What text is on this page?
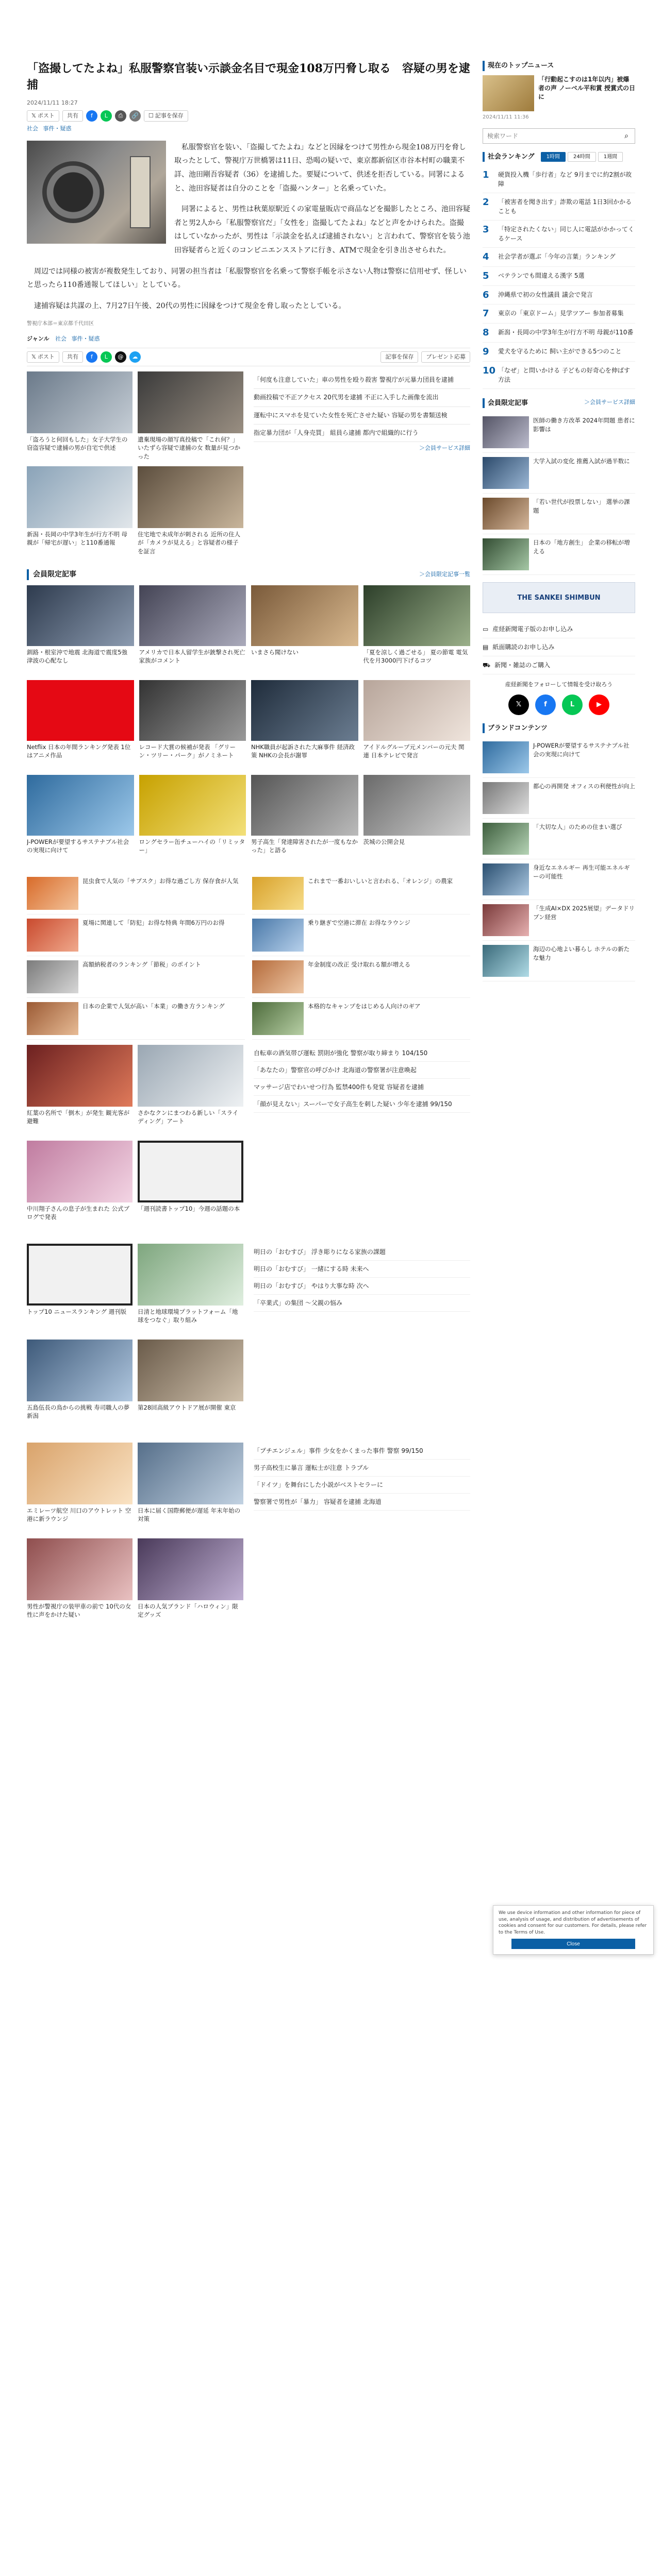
「盗撮してたよね」私服警察官装い示談金名目で現金108万円脅し取る　容疑の男を逮捕
2024/11/11 18:27
𝕏 ポスト 共有	f	L	⎙	🔗	☐ 記事を保存
社会 事件・疑惑

私服警察官を装い、「盗撮してたよね」などと因縁をつけて男性から現金108万円を脅し取ったとして、警視庁万世橋署は11日、恐喝の疑いで、東京都新宿区市谷本村町の職業不詳、池田剛吾容疑者（36）を逮捕した。要疑について、供述を拒否している。同署によると、池田容疑者は自分のことを「盗撮ハンター」と名乗っていた。

同署によると、男性は秋葉原駅近くの家電量販店で商品などを撮影したところ、池田容疑者と男2人から「私服警察官だ」「女性を」盗撮してたよね」などと声をかけられた。盗撮はしていなかったが、男性は「示談金を払えば逮捕されない」と言われて、警察官を装う池田容疑者らと近くのコンビニエンスストアに行き、ATMで現金を引き出させられた。

周辺では同様の被害が複数発生しており、同署の担当者は「私服警察官を名乗って警察手帳を示さない人物は警察に信用せず、怪しいと思ったら110番通報してほしい」としている。

逮捕容疑は共謀の上、7月27日午後、20代の男性に因縁をつけて現金を脅し取ったとしている。

警視庁本部＝東京都千代田区
ジャンル 社会 事件・疑惑
𝕏 ポスト 共有	f	L	@	☁	記事を保存 プレゼント応募
「盗ろうと何回もした」女子大学生の窃盗容疑で逮捕の男が自宅で供述
遺棄現場の顔写真投稿で「これ何？」いたずら容疑で逮捕の女 数量が見つかった
新潟・長岡の中学3年生が行方不明 母親が「帰宅が遅い」と110番通報
住宅地で未成年が刺される 近所の住人が「カメラが見える」と容疑者の様子を証言
「何度も注意していた」車の男性を殴り殺害 警視庁が元暴力団員を逮捕
動画投稿で不正アクセス 20代男を逮捕 不正に入手した画像を流出
運転中にスマホを見ていた女性を死亡させた疑い 容疑の男を書類送検
指定暴力団が「人身売買」 組員ら逮捕 都内で組織的に行う
＞会員サービス詳細
会員限定記事	＞会員限定記事一覧
釧路・根室沖で地震 北海道で震度5強 津波の心配なし
アメリカで日本人留学生が銃撃され死亡 家族がコメント
いまさら聞けない	「夏を涼しく過ごせる」 夏の節電 電気代を月3000円下げるコツ
Netflix 日本の年間ランキング発表 1位はアニメ作品
レコード大賞の候補が発表 「グリーン・ツリー・パーク」がノミネート
NHK職員が起訴された大麻事件 経済政策 NHKの会長が謝罪
アイドルグループ元メンバーの元夫 関連 日本テレビで発言
J-POWERが要望するサステナブル社会の実現に向けて
ロングセラー缶チューハイの「リミッター」
男子高生「発達障害されたが一度もなかった」と語る
茨城の公開会見
昆虫食で人気の「サブスク」お得な過ごし方 保存食が人気
夏場に関連して「防犯」お得な特典 年間6万円のお得
高額納税者のランキング「節税」のポイント
日本の企業で人気が高い「本業」の働き方ランキング
これまで一番おいしいと言われる、「オレンジ」の農家
乗り継ぎで空港に滞在 お得なラウンジ
年金制度の改正 受け取れる額が増える
本格的なキャンプをはじめる人向けのギア
紅葉の名所で「倒木」が発生 観光客が避難
さかなクンにまつわる新しい「スライディング」アート
中川翔子さんの息子が生まれた 公式ブログで発表
「週刊読書トップ10」今週の話題の本
自転車の酒気帯び運転 罰則が強化 警察が取り締まり 104/150
「あなたの」警察官の呼びかけ 北海道の警察署が注意喚起
マッサージ店でわいせつ行為 監禁400件も発覚 容疑者を逮捕
「顔が見えない」スーパーで女子高生を刺した疑い 少年を逮捕 99/150
トップ10 ニュースランキング 週刊版	日清と地球環境プラットフォーム「地球をつなぐ」取り組み
五島伍長の鳥からの挑戦 寿司職人の夢 新潟
第28回高級アウトドア展が開催 東京
明日の「おむすび」 浮き彫りになる家族の課題
明日の「おむすび」 一緒にする時 未来へ
明日の「おむすび」 やはり大事な時 次へ
「卒業式」の集団 ～父親の悩み
エミレーツ航空 川口のアウトレット 空港に新ラウンジ
日本に届く国際郵便が遅延 年末年始の対策
男性が警視庁の装甲車の前で 10代の女性に声をかけた疑い
日本の人気ブランド「ハロウィン」限定グッズ
「プチエンジェル」事件 少女をかくまった事件 警察 99/150
男子高校生に暴言 運転士が注意 トラブル
「ドイツ」を舞台にした小説がベストセラーに
警察署で男性が「暴力」 容疑者を逮捕 北海道
現在のトップニュース
「行動起こすのは1年以内」被爆者の声 ノーベル平和賞 授賞式の日に
2024/11/11 11:36
検索ワード
⌕
社会ランキング	1時間	24時間	1週間
1	硬貨投入機「歩行者」など 9月までに約2割が故障
2	「被害者を聞き出す」詐欺の電話 1日3回かかることも
3	「特定されたくない」同じ人に電話がかかってくるケース
4	社会学者が選ぶ「今年の言葉」ランキング
5	ベテランでも間違える漢字 5選
6	沖縄県で初の女性議員 議会で発言
7	東京の「東京ドーム」見学ツアー 参加者募集
8	新潟・長岡の中学3年生が行方不明 母親が110番
9	愛犬を守るために 飼い主ができる5つのこと
10 「なぜ」と問いかける 子どもの好奇心を伸ばす方法
会員限定記事	＞会員サービス詳細
医師の働き方改革 2024年問題 患者に影響は
大学入試の変化 推薦入試が過半数に
「若い世代が投票しない」 選挙の課題
日本の「地方創生」 企業の移転が増える
THE SANKEI SHIMBUN
▭ 産経新聞電子版のお申し込み
▤ 紙面購読のお申し込み
⛟ 新聞・雑誌のご購入
産経新聞をフォローして情報を受け取ろう
𝕏	f	L	▶
ブランドコンテンツ
J-POWERが要望するサステナブル社会の実現に向けて
都心の再開発 オフィスの利便性が向上
「大切な人」のための住まい選び
身近なエネルギー 再生可能エネルギーの可能性
「生成AI×DX 2025展望」データドリブン経営
海辺の心地よい暮らし ホテルの新たな魅力
We use device information and other information for piece of use, analysis of usage, and distribution of advertisements of cookies and consent for our customers. For details, please refer to the Terms of Use.
Close
